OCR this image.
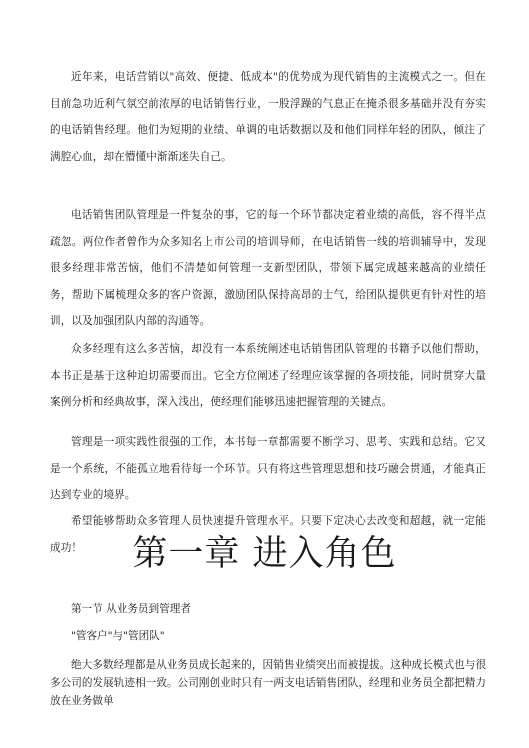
近年来，电话营销以"高效、便捷、低成本"的优势成为现代销售的主流模式之一。但在目前急功近利气氛空前浓厚的电话销售行业，一股浮躁的气息正在掩杀很多基础并没有夯实的电话销售经理。他们为短期的业绩、单调的电话数据以及和他们同样年轻的团队，倾注了满腔心血，却在懵懂中渐渐迷失自己。

电话销售团队管理是一件复杂的事，它的每一个环节都决定着业绩的高低，容不得半点疏忽。两位作者曾作为众多知名上市公司的培训导师，在电话销售一线的培训辅导中，发现很多经理非常苦恼，他们不清楚如何管理一支新型团队，带领下属完成越来越高的业绩任务，帮助下属梳理众多的客户资源，激励团队保持高昂的士气，给团队提供更有针对性的培训，以及加强团队内部的沟通等。

众多经理有这么多苦恼，却没有一本系统阐述电话销售团队管理的书籍予以他们帮助，本书正是基于这种迫切需要而出。它全方位阐述了经理应该掌握的各项技能，同时贯穿大量案例分析和经典故事，深入浅出，使经理们能够迅速把握管理的关键点。

管理是一项实践性很强的工作，本书每一章都需要不断学习、思考、实践和总结。它又是一个系统，不能孤立地看待每一个环节。只有将这些管理思想和技巧融会贯通，才能真正达到专业的境界。

希望能够帮助众多管理人员快速提升管理水平。只要下定决心去改变和超越，就一定能成功！	第一章 进入角色
第一节 从业务员到管理者
"管客户"与"管团队"

绝大多数经理都是从业务员成长起来的，因销售业绩突出而被提拔。这种成长模式也与很多公司的发展轨迹相一致。公司刚创业时只有一两支电话销售团队，经理和业务员全都把精力放在业务做单
